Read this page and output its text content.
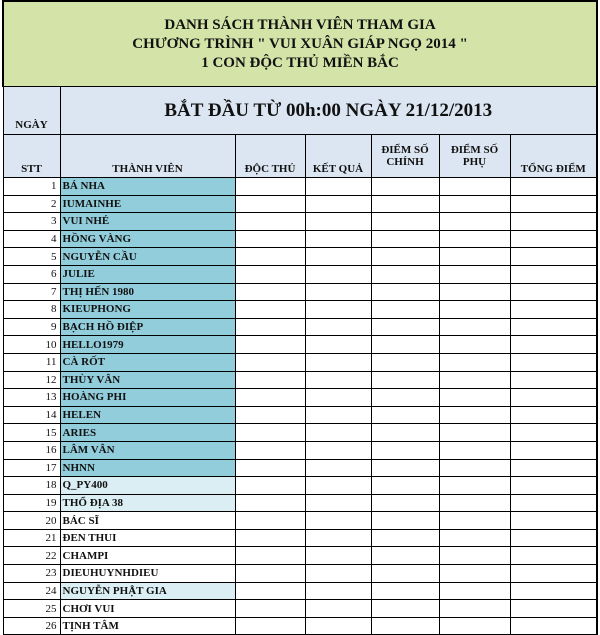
DANH SÁCH THÀNH VIÊN THAM GIA
CHƯƠNG TRÌNH " VUI XUÂN GIÁP NGỌ 2014 "
1 CON ĐỘC THỦ MIỀN BẮC						

NGÀY	BẮT ĐẦU TỪ 00h:00 NGÀY 21/12/2013					
STT	THÀNH VIÊN	ĐỘC THỦ	KẾT QUẢ	ĐIỂM SỐ CHÍNH	ĐIỂM SỐ PHỤ	TỔNG ĐIỂM
1	BÁ NHA					
2	IUMAINHE					
3	VUI NHÉ					
4	HỒNG VÀNG					
5	NGUYỄN CẦU					
6	JULIE					
7	THỊ HẾN 1980					
8	KIEUPHONG					
9	BẠCH HỒ ĐIỆP					
10	HELLO1979					
11	CÀ RỐT					
12	THÙY VÂN					
13	HOÀNG PHI					
14	HELEN					
15	ARIES					
16	LÂM VÂN					
17	NHNN					
18	Q_PY400					
19	THỔ ĐỊA 38					
20	BÁC SĨ					
21	ĐEN THUI					
22	CHAMPI					
23	DIEUHUYNHDIEU					
24	NGUYỄN PHẬT GIA					
25	CHƠI VUI					
26	TỊNH TÂM					
